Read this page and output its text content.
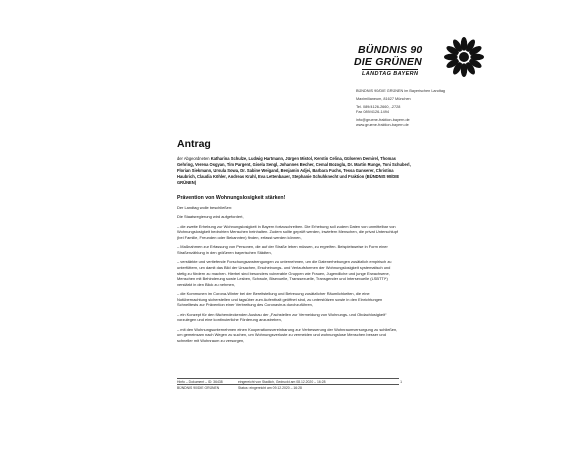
BÜNDNIS 90
DIE GRÜNEN
LANDTAG BAYERN
BÜNDNIS 90/DIE GRÜNEN im Bayerischen Landtag
Maximilianeum, 81627 München
Tel. 089/4126-2660, -2728
Fax 089/4126-1494
info@gruene-fraktion-bayern.de
www.gruene-fraktion-bayern.de
Antrag
der Abgeordneten Katharina Schulze, Ludwig Hartmann, Jürgen Mistol, Kerstin Celina, Gülseren Demirel, Thomas Gehring, Verena Osgyan, Tim Pargent, Gisela Sengl, Johannes Becher, Cemal Bozoglu, Dr. Martin Runge, Toni Schuberl, Florian Siekmann, Ursula Sowa, Dr. Sabine Weigand, Benjamin Adjei, Barbara Fuchs, Tessa Ganserer, Christina Haubrich, Claudia Köhler, Andreas Krahl, Eva Lettenbauer, Stephanie Schuhknecht und Fraktion (BÜNDNIS 90/DIE GRÜNEN)
Prävention von Wohnungslosigkeit stärken!

Der Landtag wolle beschließen:

Die Staatsregierung wird aufgefordert,

– die zweite Erhebung zur Wohnungslosigkeit in Bayern fortzuschreiben. Die Erhebung soll zudem Daten von unmittelbar von Wohnungslosigkeit bedrohten Menschen beinhalten. Zudem sollte geprüft werden, inwiefern Menschen, die privat Unterschlupf (bei Familie, Freunden oder Bekannten) finden, erfasst werden können,

– Maßnahmen zur Erfassung von Personen, die auf der Straße leben müssen, zu ergreifen. Beispielsweise in Form einer Straßenzählung in den größeren bayerischen Städten,

– verstärkte und vertiefende Forschungsanstrengungen zu unternehmen, um die Datenerhebungen zusätzlich empirisch zu unterfüttern, um damit das Bild der Ursachen, Erscheinungs- und Verlaufsformen der Wohnungslosigkeit systematisch und stetig zu fördern zu machen. Hierbei sind besonders vulnerable Gruppen wie Frauen, Jugendliche und junge Erwachsene, Menschen mit Behinderung sowie Lesben, Schwule, Bisexuelle, Transsexuelle, Transgender und Intersexuelle (LSBTTI*) verstärkt in den Blick zu nehmen,

– die Kommunen im Corona-Winter bei der Bereitstellung und Betreuung zusätzlicher Räumlichkeiten, die eine Notübernachtung sicherstellen und tagsüber zum Aufenthalt geöffnet sind, zu unterstützen sowie in den Einrichtungen Schnelltests zur Prävention einer Verbreitung des Coronavirus durchzuführen,

– ein Konzept für den flächendeckenden Ausbau der „Fachstellen zur Vermeidung von Wohnungs- und Obdachlosigkeit“ vorzulegen und eine kontinuierliche Förderung anzustreben,

– mit den Wohnungsunternehmen einen Kooperationsvereinbarung zur Verbesserung der Wohnraumversorgung zu schließen, um gemeinsam nach Wegen zu suchen, um Wohnungsverluste zu vermeiden und wohnungslose Menschen besser und schneller mit Wohnraum zu versorgen,

Hinfo – Dokument – ID: 36438	eingereicht von Stadlich, Gedruckt am 08.12.2020 – 16:28	1
BÜNDNIS 90/DIE GRÜNEN	Status: eingereicht am 09.12.2020 – 16:28
